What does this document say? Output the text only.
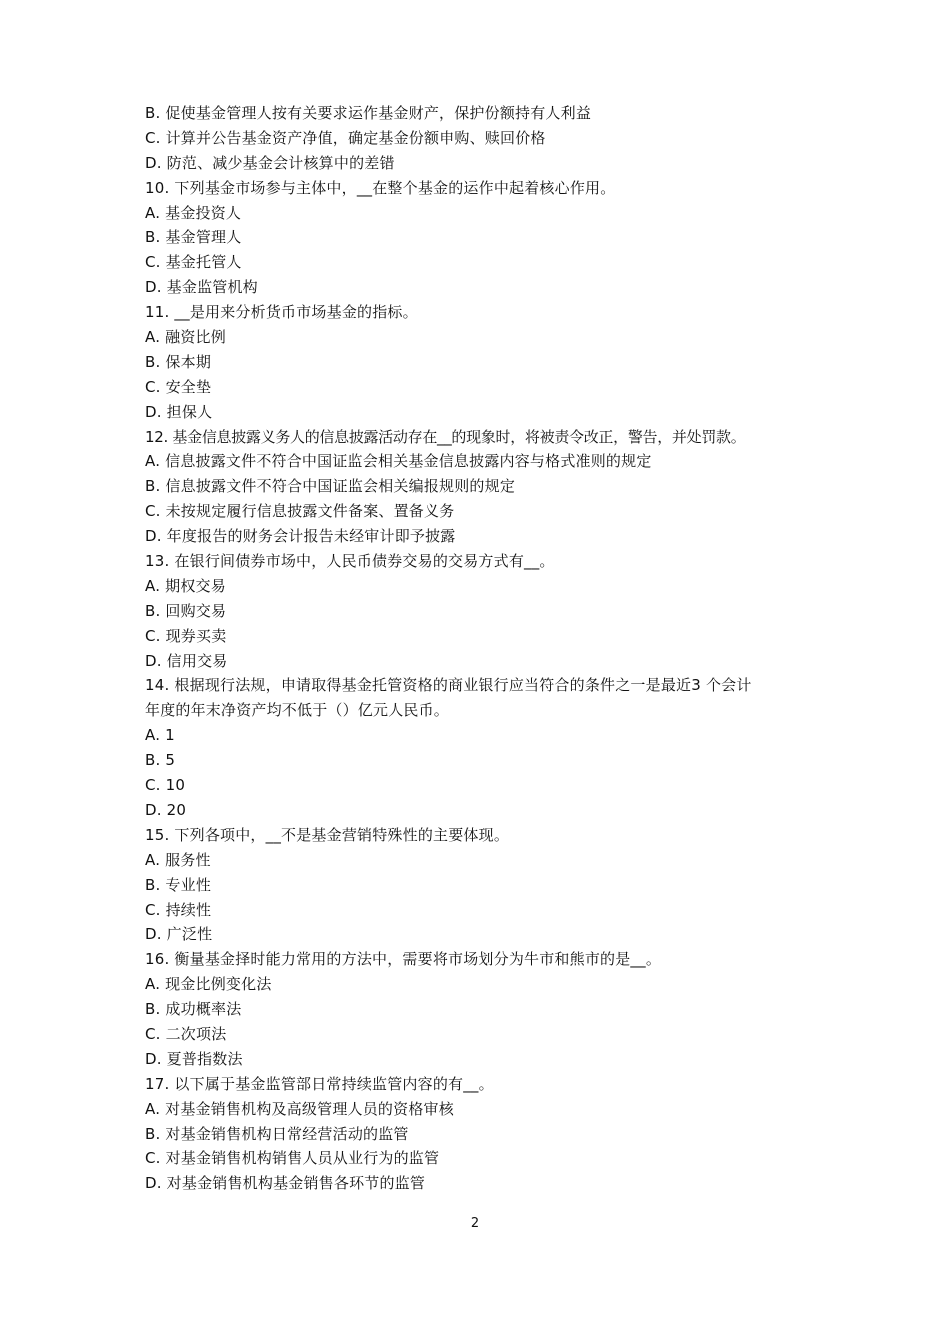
B. 促使基金管理人按有关要求运作基金财产，保护份额持有人利益
C. 计算并公告基金资产净值，确定基金份额申购、赎回价格
D. 防范、减少基金会计核算中的差错
10. 下列基金市场参与主体中，__在整个基金的运作中起着核心作用。
A. 基金投资人
B. 基金管理人
C. 基金托管人
D. 基金监管机构
11. __是用来分析货币市场基金的指标。
A. 融资比例
B. 保本期
C. 安全垫
D. 担保人
12. 基金信息披露义务人的信息披露活动存在__的现象时，将被责令改正，警告，并处罚款。
A. 信息披露文件不符合中国证监会相关基金信息披露内容与格式准则的规定
B. 信息披露文件不符合中国证监会相关编报规则的规定
C. 未按规定履行信息披露文件备案、置备义务
D. 年度报告的财务会计报告未经审计即予披露
13. 在银行间债券市场中，人民币债券交易的交易方式有__。
A. 期权交易
B. 回购交易
C. 现券买卖
D. 信用交易
14. 根据现行法规，申请取得基金托管资格的商业银行应当符合的条件之一是最近3 个会计
年度的年末净资产均不低于（）亿元人民币。
A. 1
B. 5
C. 10
D. 20
15. 下列各项中，__不是基金营销特殊性的主要体现。
A. 服务性
B. 专业性
C. 持续性
D. 广泛性
16. 衡量基金择时能力常用的方法中，需要将市场划分为牛市和熊市的是__。
A. 现金比例变化法
B. 成功概率法
C. 二次项法
D. 夏普指数法
17. 以下属于基金监管部日常持续监管内容的有__。
A. 对基金销售机构及高级管理人员的资格审核
B. 对基金销售机构日常经营活动的监管
C. 对基金销售机构销售人员从业行为的监管
D. 对基金销售机构基金销售各环节的监管
2
